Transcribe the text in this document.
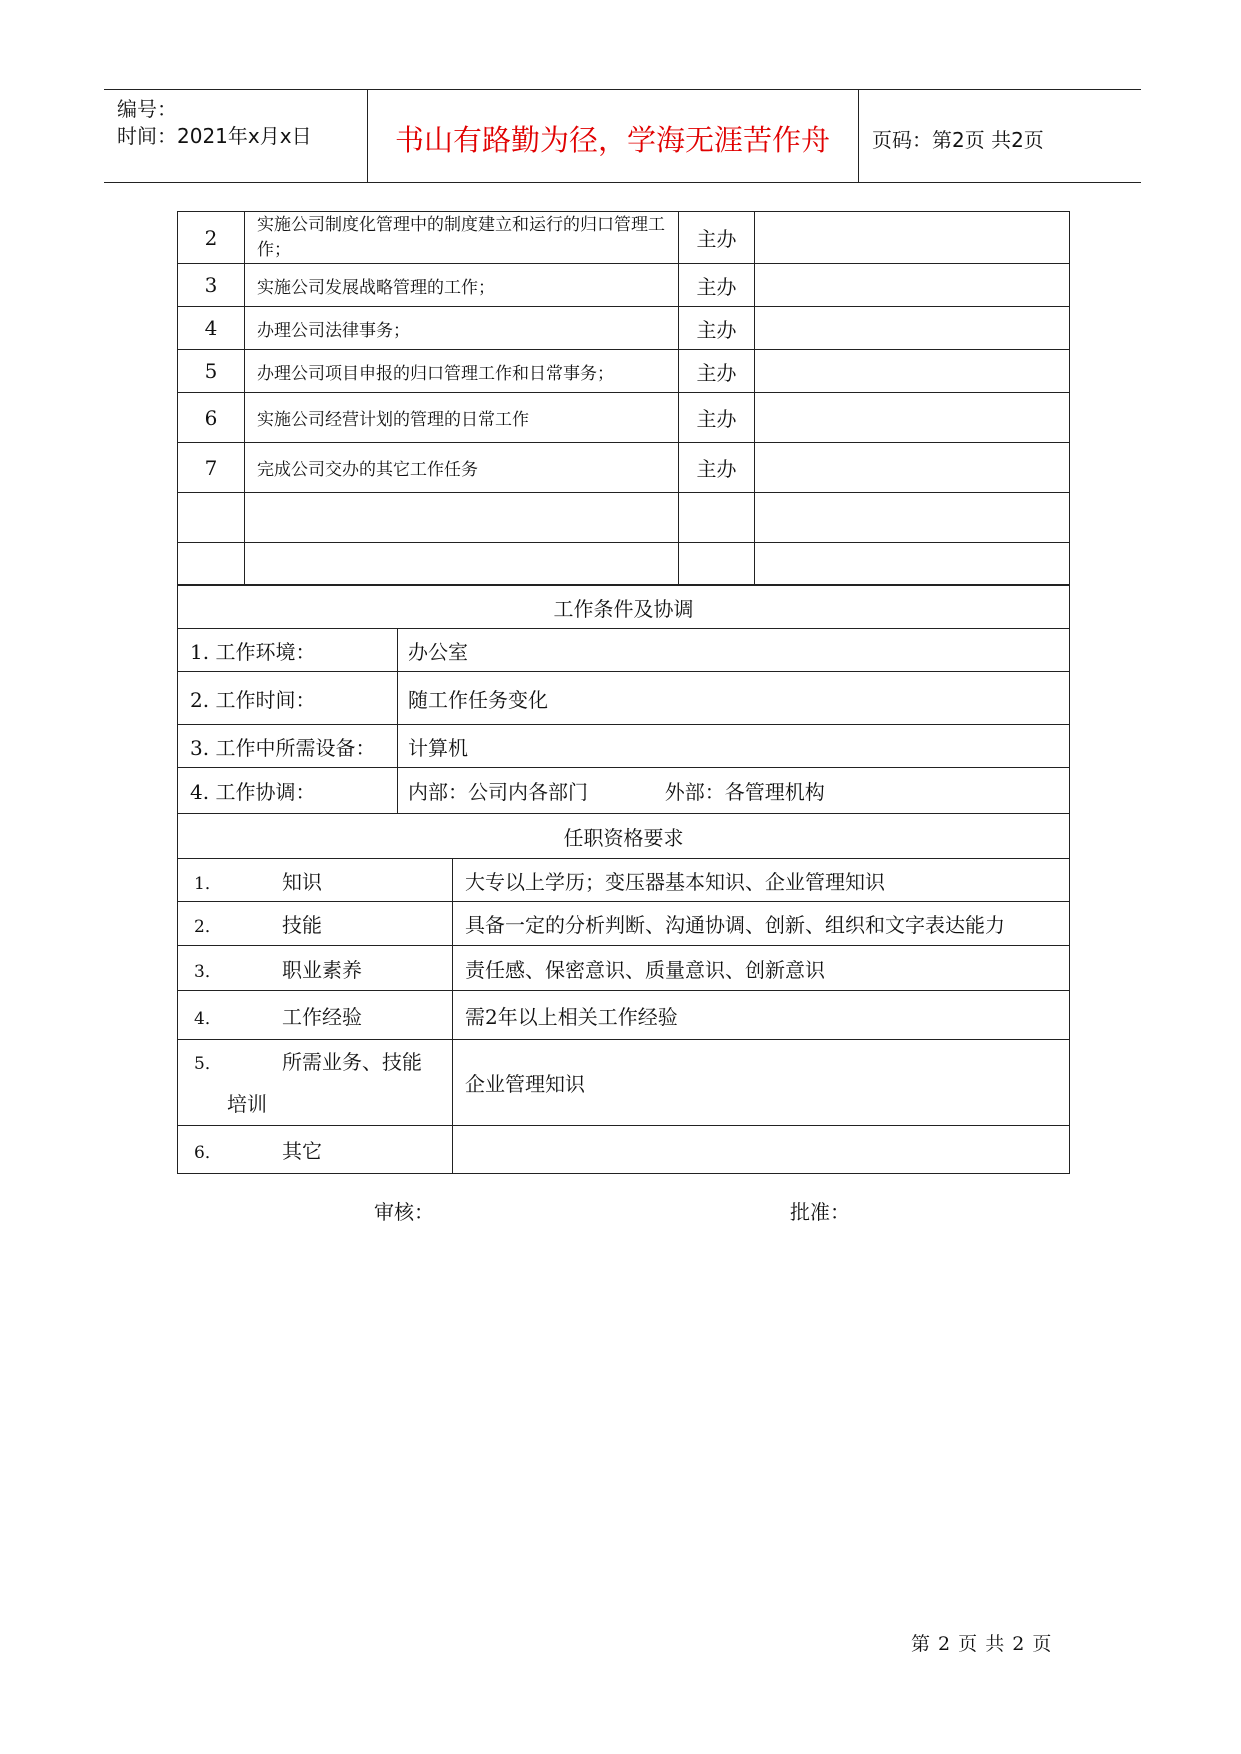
编号：
时间：2021年x月x日	书山有路勤为径，学海无涯苦作舟	页码：第2页 共2页
2	实施公司制度化管理中的制度建立和运行的归口管理工作；	主办	
3	实施公司发展战略管理的工作；	主办	
4	办理公司法律事务；	主办	
5	办理公司项目申报的归口管理工作和日常事务；	主办	
6	实施公司经营计划的管理的日常工作	主办	
7	完成公司交办的其它工作任务	主办	

工作条件及协调	
1. 工作环境：	办公室
2. 工作时间：	随工作任务变化
3. 工作中所需设备：	计算机
4. 工作协调：	内部：公司内各部门 外部：各管理机构
任职资格要求	
1． 知识	大专以上学历；变压器基本知识、企业管理知识
2． 技能	具备一定的分析判断、沟通协调、创新、组织和文字表达能力
3． 职业素养	责任感、保密意识、质量意识、创新意识
4． 工作经验	需2年以上相关工作经验

5． 所需业务、技能
培训	企业管理知识
6． 其它	
审核：	批准：
第 2 页 共 2 页
